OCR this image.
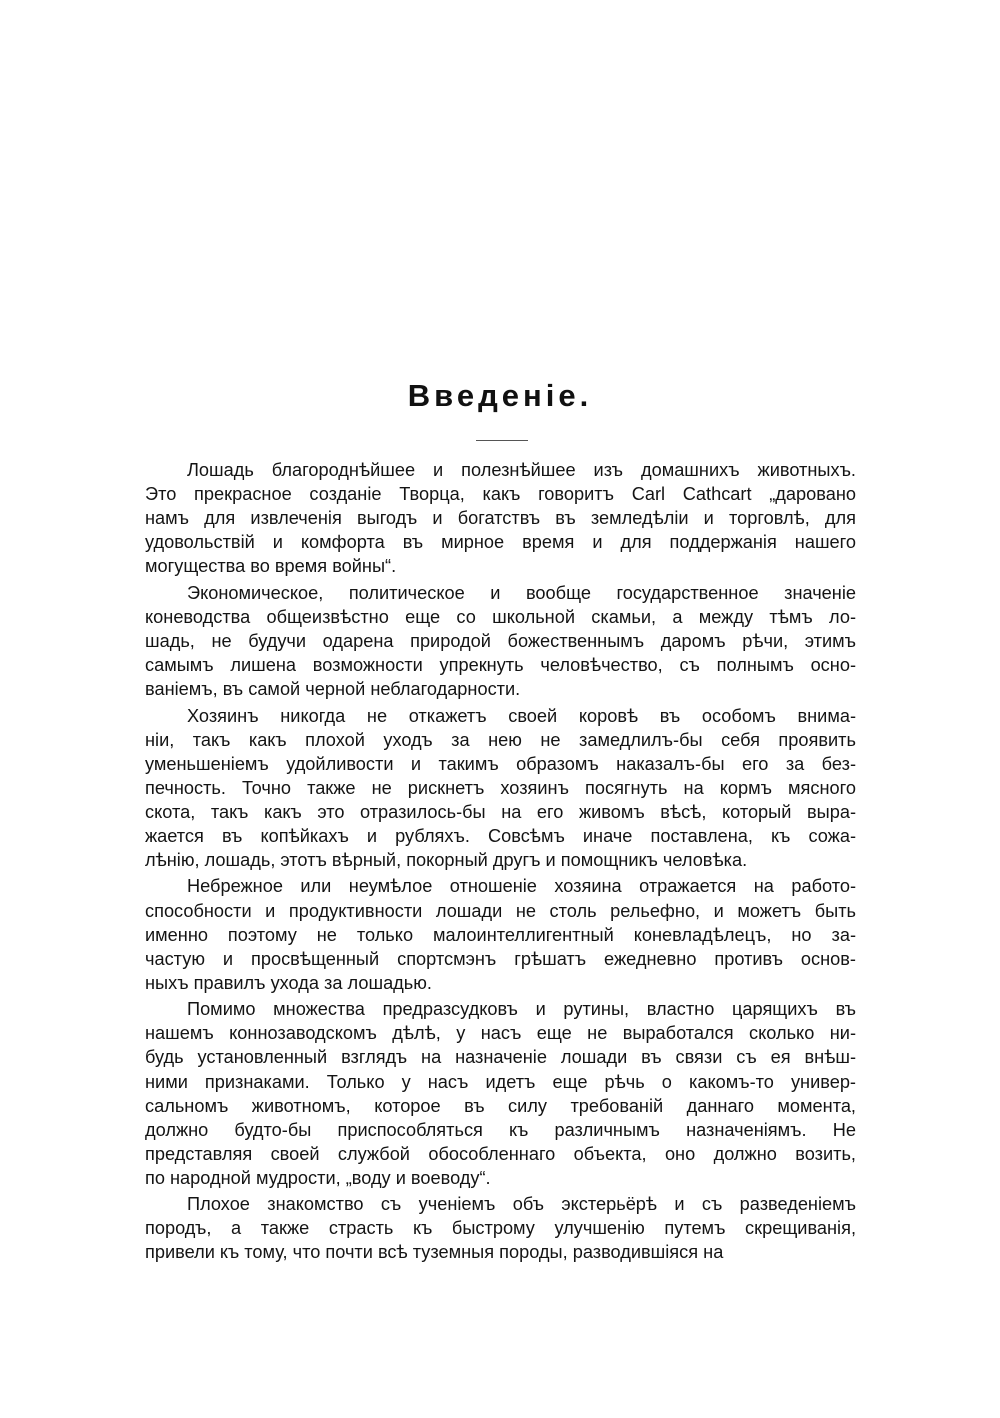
Введеніе.
Лошадь благороднѣйшее и полезнѣйшее изъ домашнихъ животныхъ.
Это прекрасное созданіе Творца, какъ говоритъ Carl Cathcart „даровано
намъ для извлеченія выгодъ и богатствъ въ земледѣліи и торговлѣ, для
удовольствій и комфорта въ мирное время и для поддержанія нашего
могущества во время войны“.
Экономическое, политическое и вообще государственное значеніе
коневодства общеизвѣстно еще со школьной скамьи, а между тѣмъ ло-
шадь, не будучи одарена природой божественнымъ даромъ рѣчи, этимъ
самымъ лишена возможности упрекнуть человѣчество, съ полнымъ осно-
ваніемъ, въ самой черной неблагодарности.
Хозяинъ никогда не откажетъ своей коровѣ въ особомъ внима-
ніи, такъ какъ плохой уходъ за нею не замедлилъ-бы себя проявить
уменьшеніемъ удойливости и такимъ образомъ наказалъ-бы его за без-
печность. Точно также не рискнетъ хозяинъ посягнуть на кормъ мясного
скота, такъ какъ это отразилось-бы на его живомъ вѣсѣ, который выра-
жается въ копѣйкахъ и рубляхъ. Совсѣмъ иначе поставлена, къ сожа-
лѣнію, лошадь, этотъ вѣрный, покорный другъ и помощникъ человѣка.
Небрежное или неумѣлое отношеніе хозяина отражается на работо-
способности и продуктивности лошади не столь рельефно, и можетъ быть
именно поэтому не только малоинтеллигентный коневладѣлецъ, но за-
частую и просвѣщенный спортсмэнъ грѣшатъ ежедневно противъ основ-
ныхъ правилъ ухода за лошадью.
Помимо множества предразсудковъ и рутины, властно царящихъ въ
нашемъ коннозаводскомъ дѣлѣ, у насъ еще не выработался сколько ни-
будь установленный взглядъ на назначеніе лошади въ связи съ ея внѣш-
ними признаками. Только у насъ идетъ еще рѣчь о какомъ-то универ-
сальномъ животномъ, которое въ силу требованій даннаго момента,
должно будто-бы приспособляться къ различнымъ назначеніямъ. Не
представляя своей службой обособленнаго объекта, оно должно возить,
по народной мудрости, „воду и воеводу“.
Плохое знакомство съ ученіемъ объ экстерьёрѣ и съ разведеніемъ
породъ, а также страсть къ быстрому улучшенію путемъ скрещиванія,
привели къ тому, что почти всѣ туземныя породы, разводившіяся на
